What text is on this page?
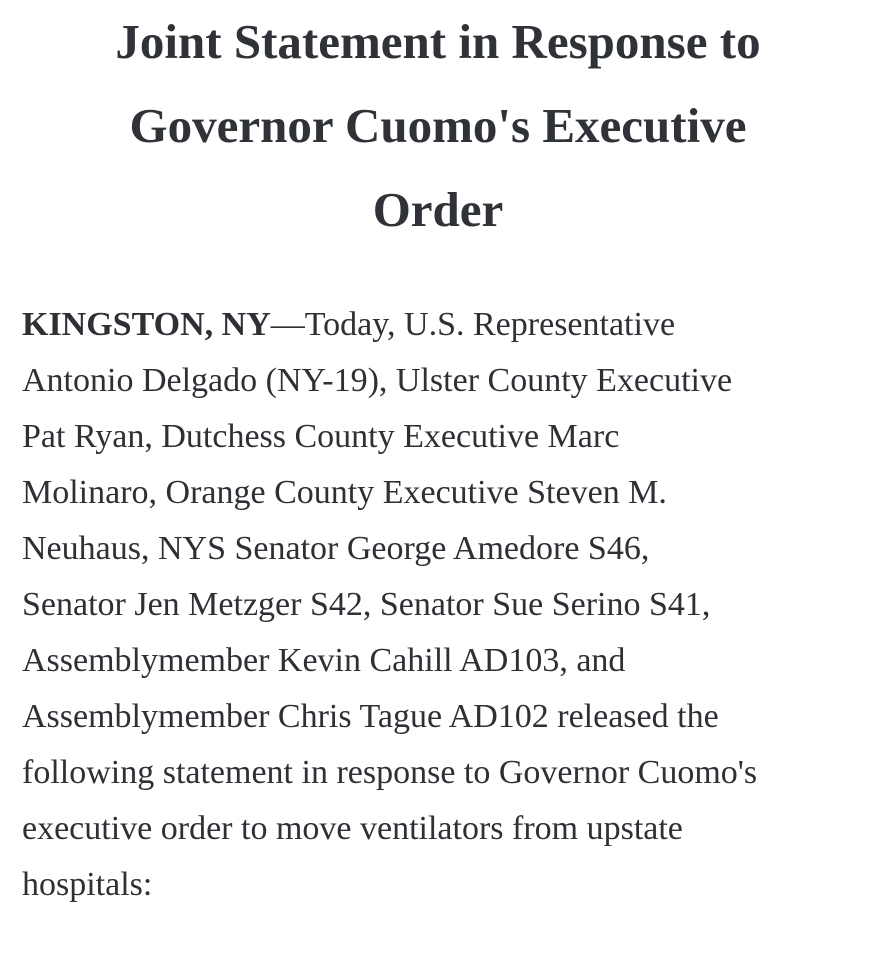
Joint Statement in Response to
Governor Cuomo's Executive
Order
KINGSTON, NY—Today, U.S. Representative
Antonio Delgado (NY-19), Ulster County Executive
Pat Ryan, Dutchess County Executive Marc
Molinaro, Orange County Executive Steven M.
Neuhaus, NYS Senator George Amedore S46,
Senator Jen Metzger S42, Senator Sue Serino S41,
Assemblymember Kevin Cahill AD103, and
Assemblymember Chris Tague AD102 released the
following statement in response to Governor Cuomo's
executive order to move ventilators from upstate
hospitals:
